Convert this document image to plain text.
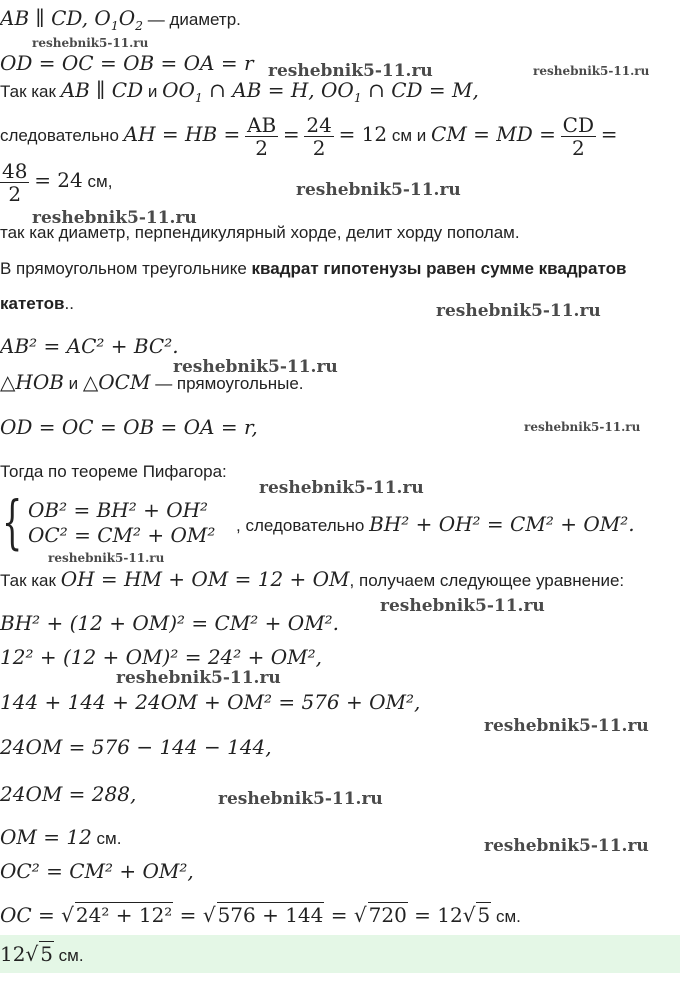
AB ∥ CD, $O_1O_2$ — диаметр.
OD = OC = OB = OA = r
Так как AB ∥ CD и $OO_1$ ∩ AB = H, $OO_1$ ∩ CD = M,
следовательно AH = HB = $\frac{AB}{2} = \frac{24}{2} = 12$ см и CM = MD = $\frac{CD}{2}$ =
$\frac{48}{2} = 24$ см,
так как диаметр, перпендикулярный хорде, делит хорду пополам.
В прямоугольном треугольнике квадрат гипотенузы равен сумме квадратов
катетов..
AB² = AC² + BC².
△HOB и △OCM — прямоугольные.
OD = OC = OB = OA = r,
Тогда по теореме Пифагора:
{ OB² = BH² + OH²
OC² = CM² + OM² , следовательно BH² + OH² = CM² + OM².
Так как OH = HM + OM = 12 + OM, получаем следующее уравнение:
BH² + (12 + OM)² = CM² + OM².
12² + (12 + OM)² = 24² + OM²,
144 + 144 + 24OM + OM² = 576 + OM²,
24OM = 576 − 144 − 144,
24OM = 288,
OM = 12 см.
OC² = CM² + OM²,
OC = √ 24² + 12² = √ 576 + 144 = √ 720 = 12√ 5 см.
12√ 5 см.
reshebnik5-11.ru
reshebnik5-11.ru	reshebnik5-11.ru
reshebnik5-11.ru
reshebnik5-11.ru
reshebnik5-11.ru
reshebnik5-11.ru
reshebnik5-11.ru
reshebnik5-11.ru
reshebnik5-11.ru
reshebnik5-11.ru
reshebnik5-11.ru
reshebnik5-11.ru
reshebnik5-11.ru
reshebnik5-11.ru
